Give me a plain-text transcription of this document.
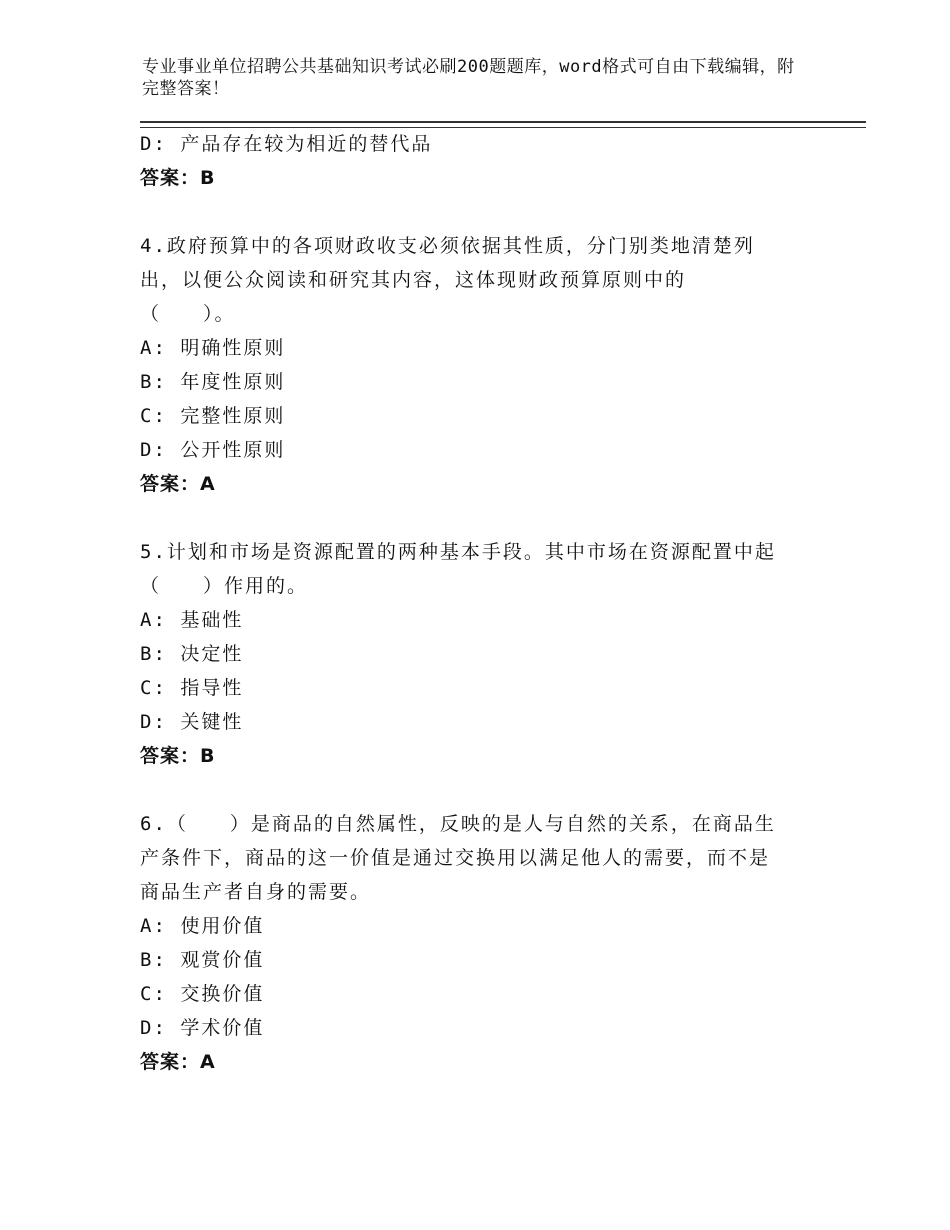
专业事业单位招聘公共基础知识考试必刷200题题库，word格式可自由下载编辑，附完整答案！
D: 产品存在较为相近的替代品
答案：B
4.政府预算中的各项财政收支必须依据其性质，分门别类地清楚列
出，以便公众阅读和研究其内容，这体现财政预算原则中的
（　　）。
A: 明确性原则
B: 年度性原则
C: 完整性原则
D: 公开性原则
答案：A
5.计划和市场是资源配置的两种基本手段。其中市场在资源配置中起
（　　）作用的。
A: 基础性
B: 决定性
C: 指导性
D: 关键性
答案：B
6.（　　）是商品的自然属性，反映的是人与自然的关系，在商品生
产条件下，商品的这一价值是通过交换用以满足他人的需要，而不是
商品生产者自身的需要。
A: 使用价值
B: 观赏价值
C: 交换价值
D: 学术价值
答案：A
